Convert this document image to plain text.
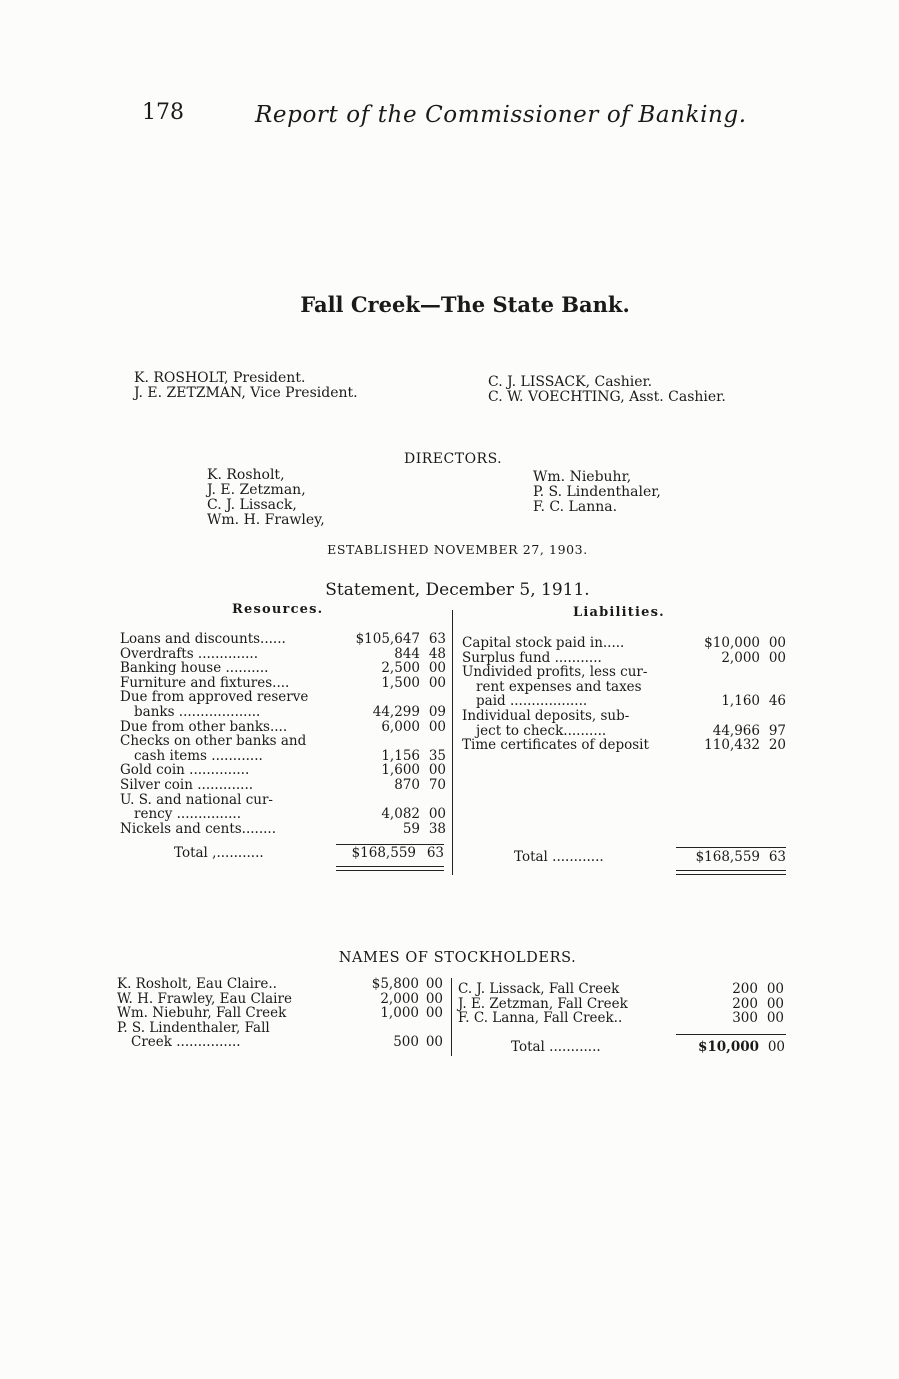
178	Report of the Commissioner of Banking.
Fall Creek—The State Bank.
K. ROSHOLT, President.
J. E. ZETZMAN, Vice President.
C. J. LISSACK, Cashier.
C. W. VOECHTING, Asst. Cashier.
DIRECTORS.
K. Rosholt,
J. E. Zetzman,
C. J. Lissack,
Wm. H. Frawley,
Wm. Niebuhr,
P. S. Lindenthaler,
F. C. Lanna.
ESTABLISHED NOVEMBER 27, 1903.
Statement, December 5, 1911.
Resources.	Liabilities.
Loans and discounts......	$105,647 63
Overdrafts ..............	844 48
Banking house ..........	2,500 00
Furniture and fixtures....	1,500 00
Due from approved reserve
banks ...................	44,299 09
Due from other banks....	6,000 00
Checks on other banks and
cash items ............	1,156 35
Gold coin ..............	1,600 00
Silver coin .............	870 70
U. S. and national cur-
rency ...............	4,082 00
Nickels and cents........	59 38
Capital stock paid in.....	$10,000 00
Surplus fund ...........	2,000 00
Undivided profits, less cur-
rent expenses and taxes
paid ..................	1,160 46
Individual deposits, sub-
ject to check..........	44,966 97
Time certificates of deposit	110,432 20
Total ,...........	$168,559 63	Total ............	$168,559 63
NAMES OF STOCKHOLDERS.
K. Rosholt, Eau Claire..	$5,800 00
W. H. Frawley, Eau Claire	2,000 00
Wm. Niebuhr, Fall Creek	1,000 00
P. S. Lindenthaler, Fall
Creek ...............	500 00
C. J. Lissack, Fall Creek	200 00
J. E. Zetzman, Fall Creek	200 00
F. C. Lanna, Fall Creek..	300 00
Total ............	$10,000 00
